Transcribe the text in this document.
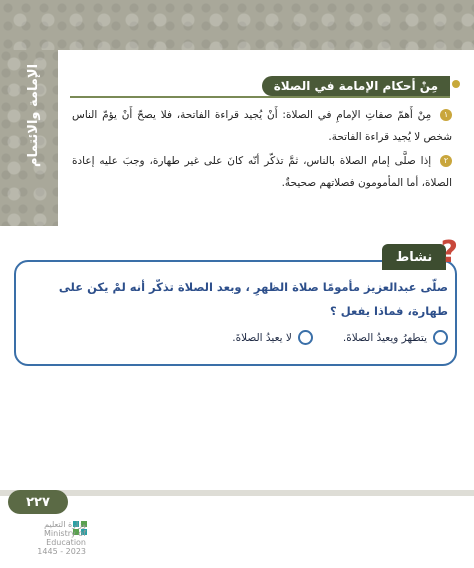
الإمامة والائتمام	مِنْ أحكام الإمامة في الصلاة
١ مِنْ أَهمّ صفاتِ الإمامِ في الصلاة: أَنْ يُجيد قراءة الفاتحة، فلا يصحّ أَنْ يؤمّ الناس شخص لا يُجيد قراءة الفاتحة.
٢ إذا صلَّى إمام الصلاة بالناس، ثمَّ تذكّر أنّه كانَ على غير طهارة، وجبَ عليه إعادة الصلاة، أما المأمومون فصلاتهم صحيحةٌ.
نشاط ?
صلّى عبدالعزيز مأمومًا صلاة الظهرِ ، وبعد الصلاة تذكّر أنه لمْ يكن على
طهارة، فماذا يفعل ؟
يتطهرُ ويعيدُ الصلاةَ.
لا يعيدُ الصلاةَ.
٢٢٧
وزارة التعليم
Ministry of Education
2023 - 1445
